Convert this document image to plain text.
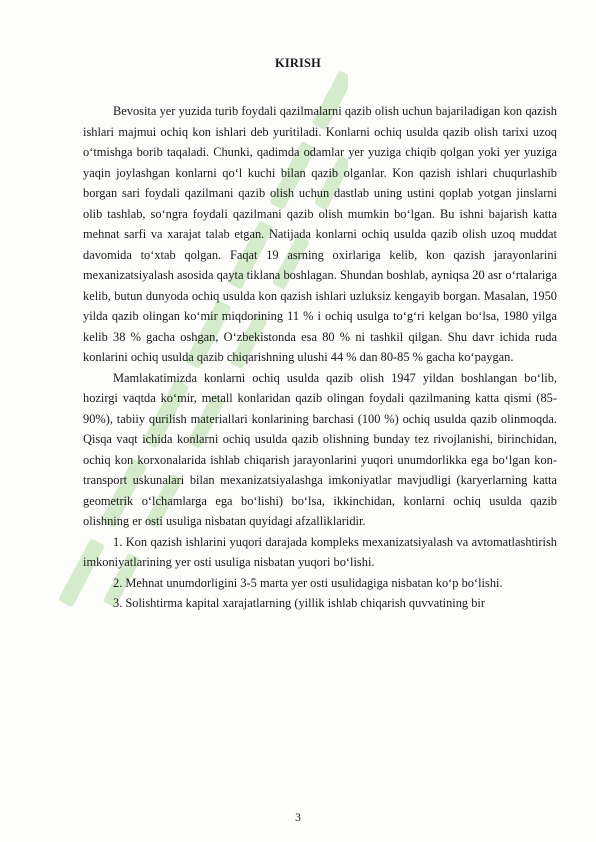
KIRISH

Bevosita yer yuzida turib foydali qazilmalarni qazib olish uchun bajariladigan kon qazish ishlari majmui ochiq kon ishlari deb yuritiladi. Konlarni ochiq usulda qazib olish tarixi uzoq o‘tmishga borib taqaladi. Chunki, qadimda odamlar yer yuziga chiqib qolgan yoki yer yuziga yaqin joylashgan konlarni qo‘l kuchi bilan qazib olganlar. Kon qazish ishlari chuqurlashib borgan sari foydali qazilmani qazib olish uchun dastlab uning ustini qoplab yotgan jinslarni olib tashlab, so‘ngra foydali qazilmani qazib olish mumkin bo‘lgan. Bu ishni bajarish katta mehnat sarfi va xarajat talab etgan. Natijada konlarni ochiq usulda qazib olish uzoq muddat davomida to‘xtab qolgan. Faqat 19 asrning oxirlariga kelib, kon qazish jarayonlarini mexanizatsiyalash asosida qayta tiklana boshlagan. Shundan boshlab, ayniqsa 20 asr o‘rtalariga kelib, butun dunyoda ochiq usulda kon qazish ishlari uzluksiz kengayib borgan. Masalan, 1950 yilda qazib olingan ko‘mir miqdorining 11 % i ochiq usulga to‘g‘ri kelgan bo‘lsa, 1980 yilga kelib 38 % gacha oshgan, O‘zbekistonda esa 80 % ni tashkil qilgan. Shu davr ichida ruda konlarini ochiq usulda qazib chiqarishning ulushi 44 % dan 80-85 % gacha ko‘paygan.

Mamlakatimizda konlarni ochiq usulda qazib olish 1947 yildan boshlangan bo‘lib, hozirgi vaqtda ko‘mir, metall konlaridan qazib olingan foydali qazilmaning katta qismi (85-90%), tabiiy qurilish materiallari konlarining barchasi (100 %) ochiq usulda qazib olinmoqda. Qisqa vaqt ichida konlarni ochiq usulda qazib olishning bunday tez rivojlanishi, birinchidan, ochiq kon korxonalarida ishlab chiqarish jarayonlarini yuqori unumdorlikka ega bo‘lgan kon-transport uskunalari bilan mexanizatsiyalashga imkoniyatlar mavjudligi (karyerlarning katta geometrik o‘lchamlarga ega bo‘lishi) bo‘lsa, ikkinchidan, konlarni ochiq usulda qazib olishning er osti usuliga nisbatan quyidagi afzalliklaridir.

1. Kon qazish ishlarini yuqori darajada kompleks mexanizatsiyalash va avtomatlashtirish imkoniyatlarining yer osti usuliga nisbatan yuqori bo‘lishi.

2. Mehnat unumdorligini 3-5 marta yer osti usulidagiga nisbatan ko‘p bo‘lishi.

3. Solishtirma kapital xarajatlarning (yillik ishlab chiqarish quvvatining bir

3
